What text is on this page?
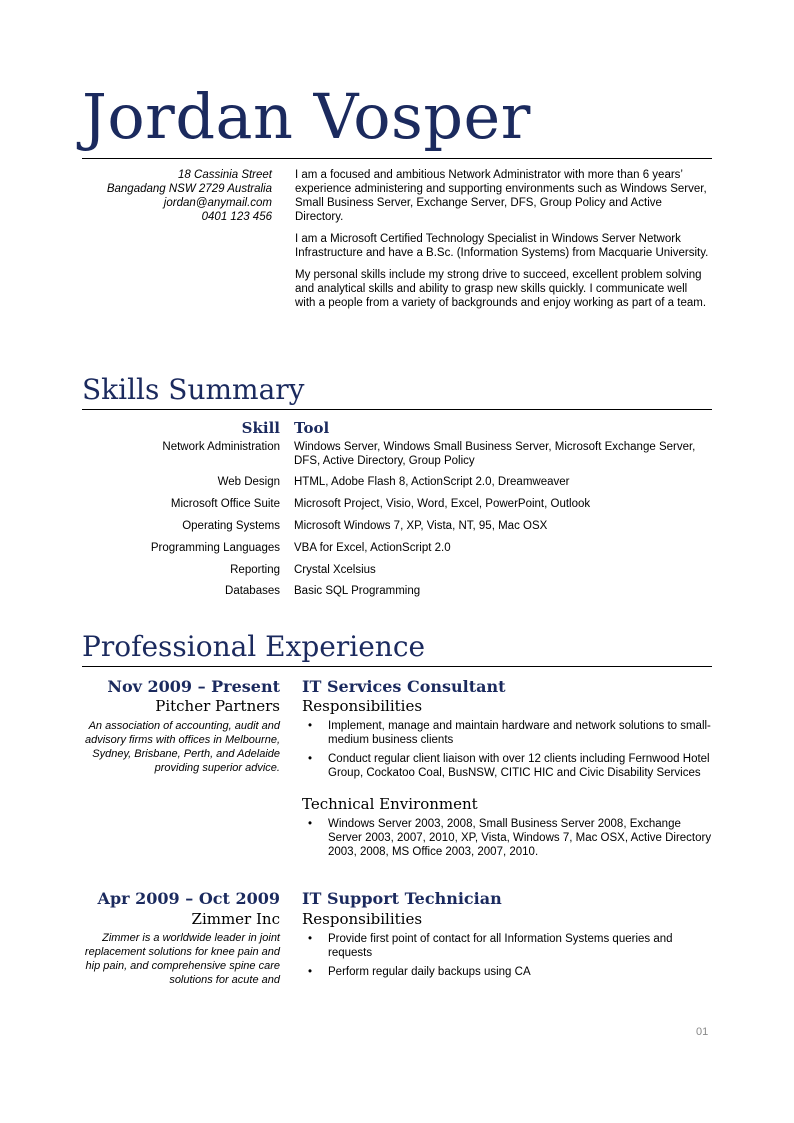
Jordan Vosper
18 Cassinia Street
Bangadang NSW 2729 Australia
jordan@anymail.com
0401 123 456

I am a focused and ambitious Network Administrator with more than 6 years’ experience administering and supporting environments such as Windows Server, Small Business Server, Exchange Server, DFS, Group Policy and Active Directory.

I am a Microsoft Certified Technology Specialist in Windows Server Network Infrastructure and have a B.Sc. (Information Systems) from Macquarie University.

My personal skills include my strong drive to succeed, excellent problem solving and analytical skills and ability to grasp new skills quickly. I communicate well with a people from a variety of backgrounds and enjoy working as part of a team.

Skills Summary
Skill Tool
Network Administration Windows Server, Windows Small Business Server, Microsoft Exchange Server, DFS, Active Directory, Group Policy
Web Design HTML, Adobe Flash 8, ActionScript 2.0, Dreamweaver
Microsoft Office Suite Microsoft Project, Visio, Word, Excel, PowerPoint, Outlook
Operating Systems Microsoft Windows 7, XP, Vista, NT, 95, Mac OSX
Programming Languages VBA for Excel, ActionScript 2.0
Reporting Crystal Xcelsius
Databases Basic SQL Programming
Professional Experience
Nov 2009 – Present
Pitcher Partners
An association of accounting, audit and advisory firms with offices in Melbourne, Sydney, Brisbane, Perth, and Adelaide providing superior advice.
IT Services Consultant
Responsibilities
• Implement, manage and maintain hardware and network solutions to small-medium business clients
• Conduct regular client liaison with over 12 clients including Fernwood Hotel Group, Cockatoo Coal, BusNSW, CITIC HIC and Civic Disability Services
Technical Environment
• Windows Server 2003, 2008, Small Business Server 2008, Exchange Server 2003, 2007, 2010, XP, Vista, Windows 7, Mac OSX, Active Directory 2003, 2008, MS Office 2003, 2007, 2010.
Apr 2009 – Oct 2009
Zimmer Inc
Zimmer is a worldwide leader in joint replacement solutions for knee pain and hip pain, and comprehensive spine care solutions for acute and
IT Support Technician
Responsibilities
• Provide first point of contact for all Information Systems queries and requests
• Perform regular daily backups using CA
01
